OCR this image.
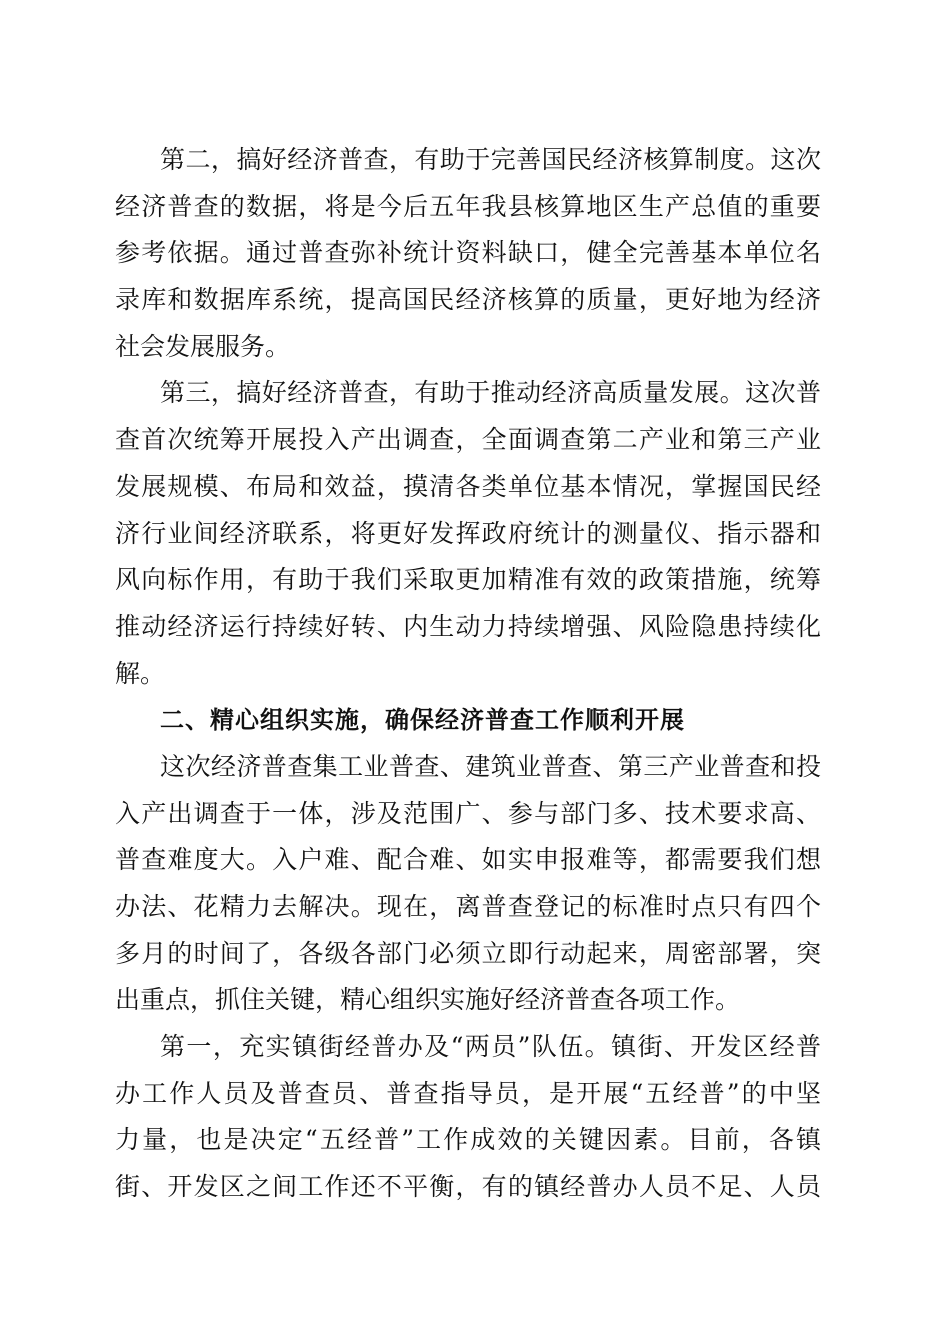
第二，搞好经济普查，有助于完善国民经济核算制度。这次
经济普查的数据，将是今后五年我县核算地区生产总值的重要
参考依据。通过普查弥补统计资料缺口，健全完善基本单位名
录库和数据库系统，提高国民经济核算的质量，更好地为经济
社会发展服务。
第三，搞好经济普查，有助于推动经济高质量发展。这次普
查首次统筹开展投入产出调查，全面调查第二产业和第三产业
发展规模、布局和效益，摸清各类单位基本情况，掌握国民经
济行业间经济联系，将更好发挥政府统计的测量仪、指示器和
风向标作用，有助于我们采取更加精准有效的政策措施，统筹
推动经济运行持续好转、内生动力持续增强、风险隐患持续化
解。
二、精心组织实施，确保经济普查工作顺利开展
这次经济普查集工业普查、建筑业普查、第三产业普查和投
入产出调查于一体，涉及范围广、参与部门多、技术要求高、
普查难度大。入户难、配合难、如实申报难等，都需要我们想
办法、花精力去解决。现在，离普查登记的标准时点只有四个
多月的时间了，各级各部门必须立即行动起来，周密部署，突
出重点，抓住关键，精心组织实施好经济普查各项工作。
第一，充实镇街经普办及“两员”队伍。镇街、开发区经普
办工作人员及普查员、普查指导员，是开展“五经普”的中坚
力量，也是决定“五经普”工作成效的关键因素。目前，各镇
街、开发区之间工作还不平衡，有的镇经普办人员不足、人员
